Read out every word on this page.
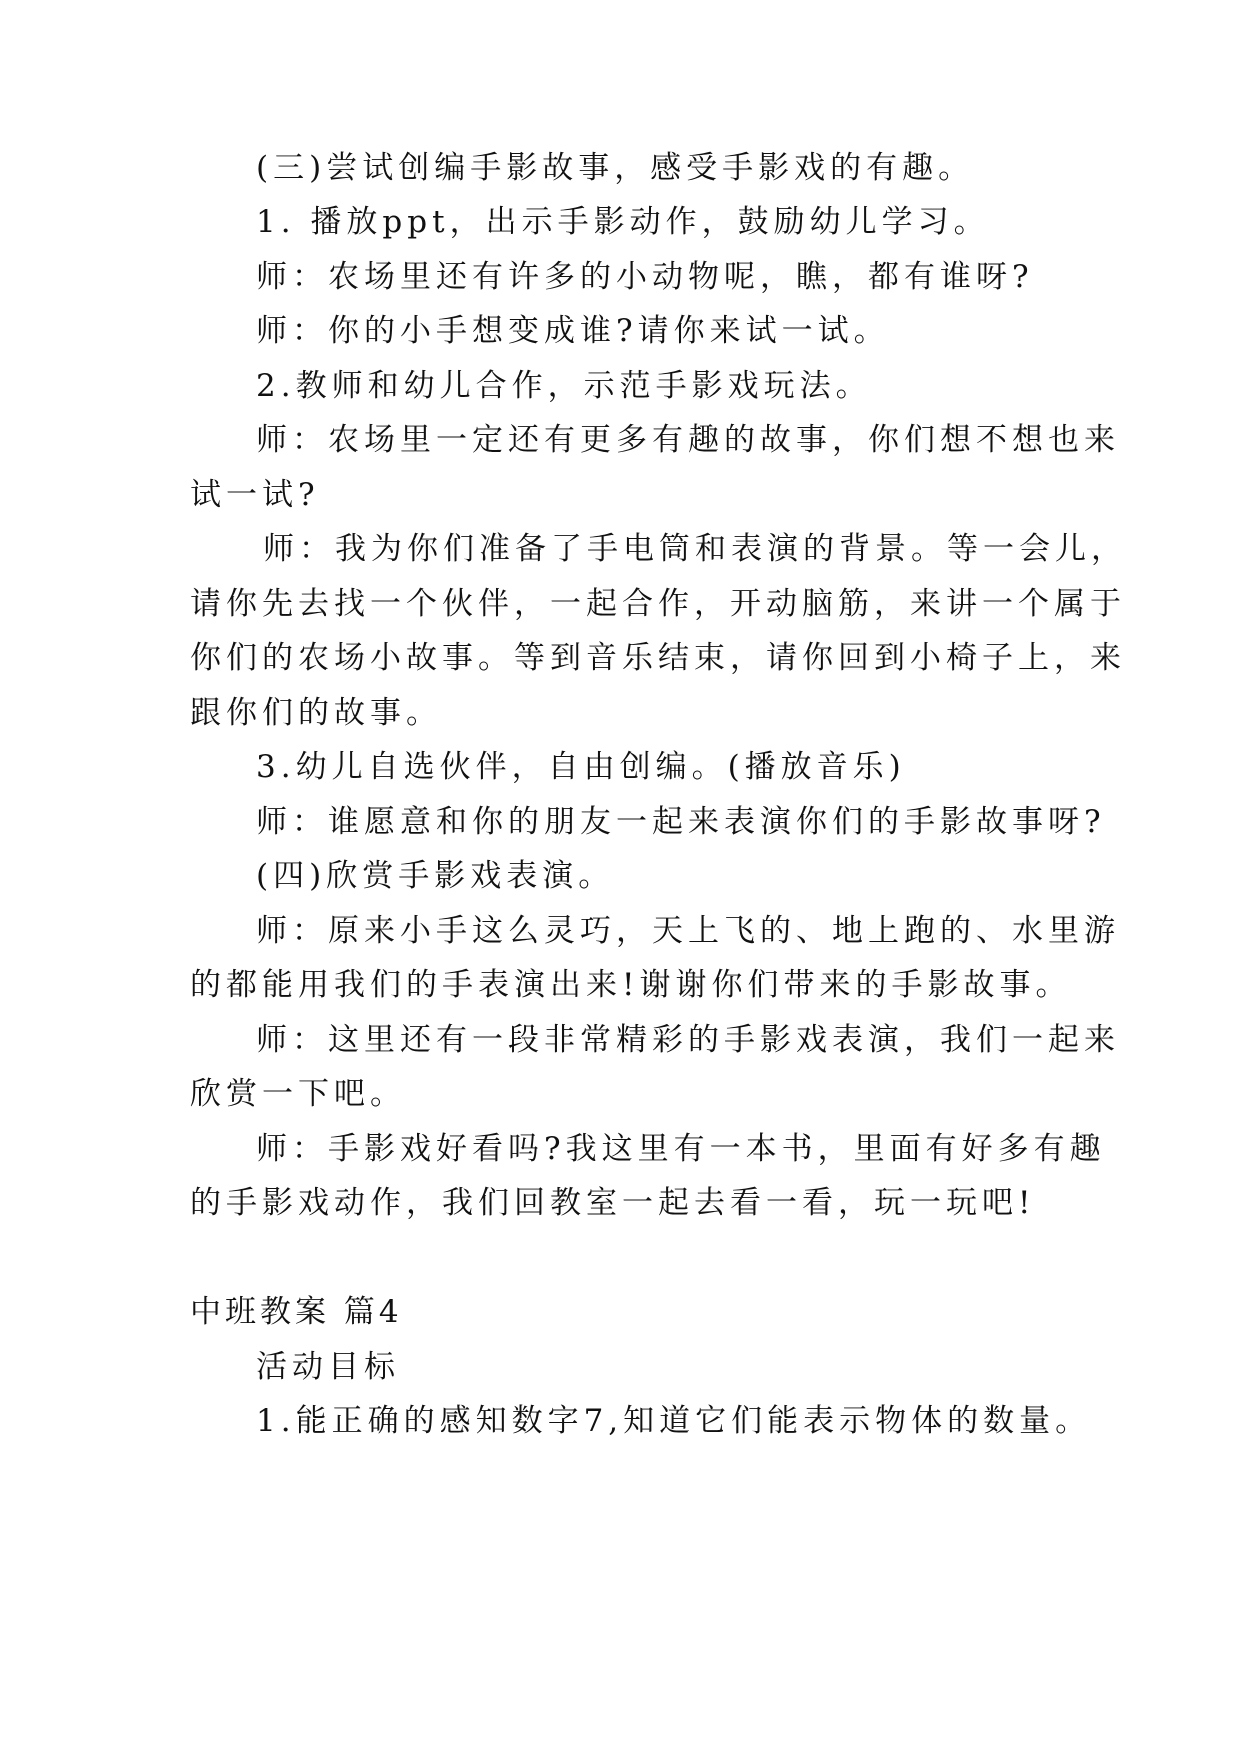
(三)尝试创编手影故事，感受手影戏的有趣。
1. 播放ppt，出示手影动作，鼓励幼儿学习。
师：农场里还有许多的小动物呢，瞧，都有谁呀?
师：你的小手想变成谁?请你来试一试。
2.教师和幼儿合作，示范手影戏玩法。
师：农场里一定还有更多有趣的故事，你们想不想也来
试一试?
师：我为你们准备了手电筒和表演的背景。等一会儿，
请你先去找一个伙伴，一起合作，开动脑筋，来讲一个属于
你们的农场小故事。等到音乐结束，请你回到小椅子上，来
跟你们的故事。
3.幼儿自选伙伴，自由创编。(播放音乐)
师：谁愿意和你的朋友一起来表演你们的手影故事呀?
(四)欣赏手影戏表演。
师：原来小手这么灵巧，天上飞的、地上跑的、水里游
的都能用我们的手表演出来!谢谢你们带来的手影故事。
师：这里还有一段非常精彩的手影戏表演，我们一起来
欣赏一下吧。
师：手影戏好看吗?我这里有一本书，里面有好多有趣
的手影戏动作，我们回教室一起去看一看，玩一玩吧!
中班教案 篇4
活动目标
1.能正确的感知数字7,知道它们能表示物体的数量。
